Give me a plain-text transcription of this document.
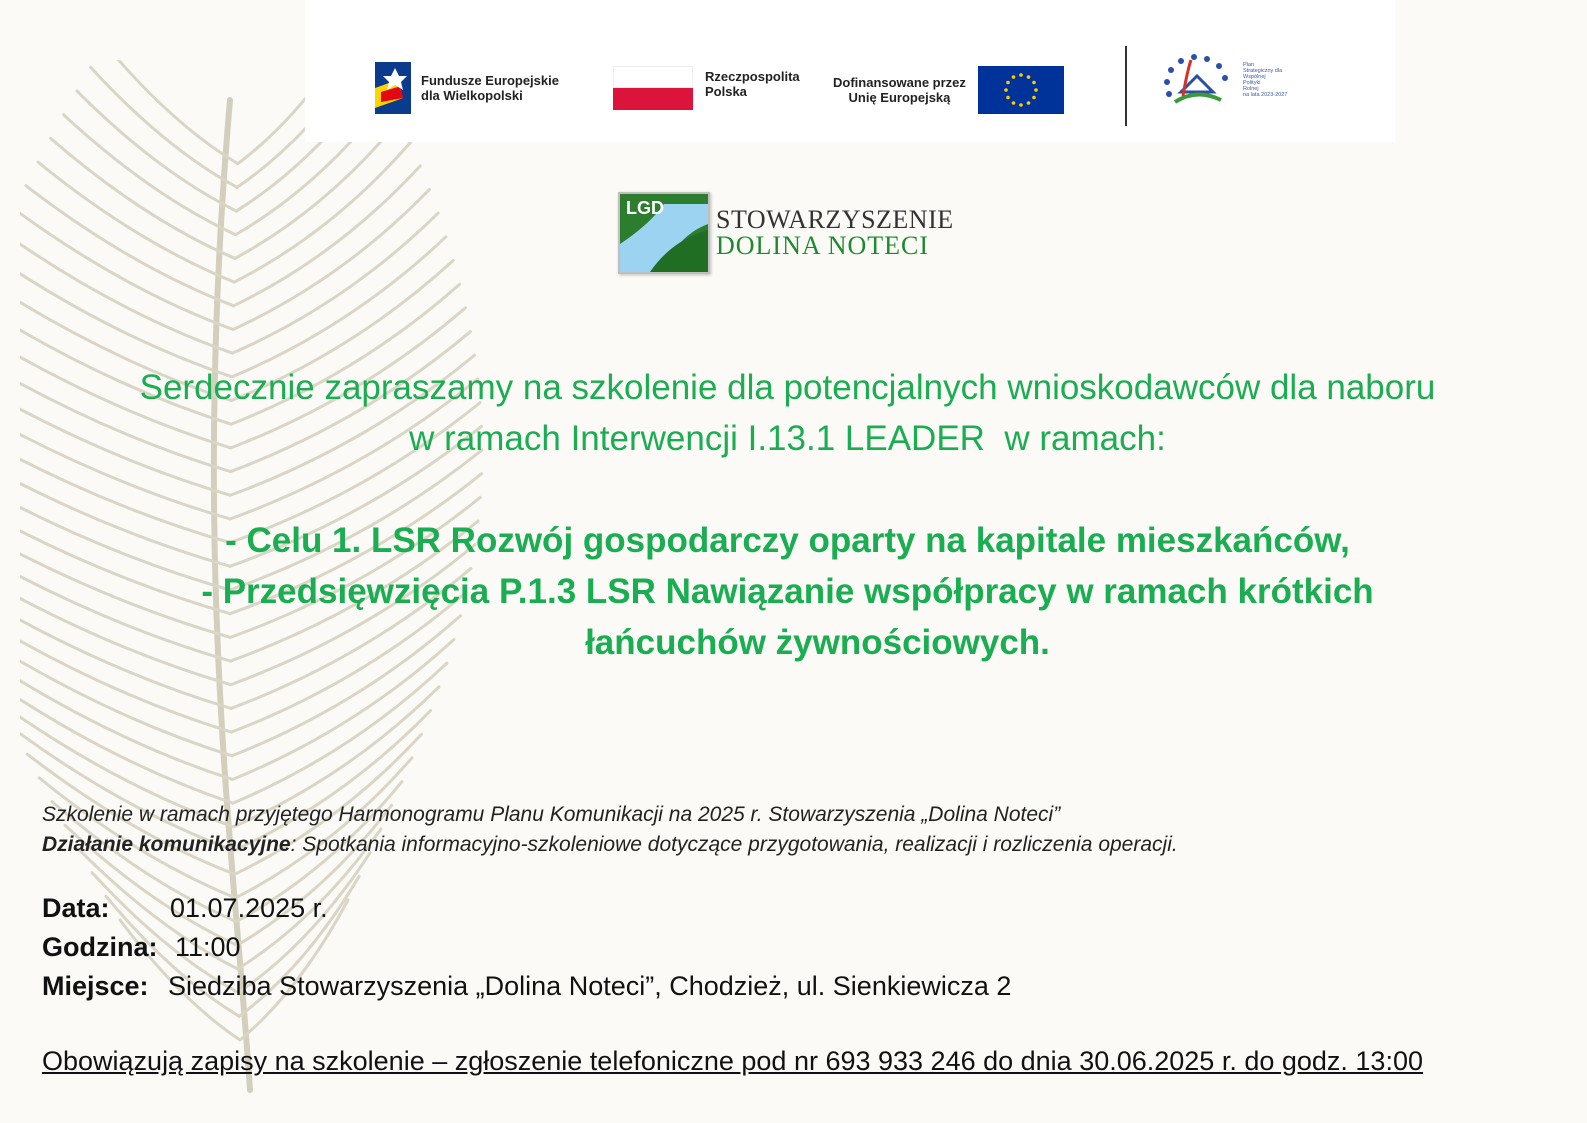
Fundusze Europejskie
dla Wielkopolski
Rzeczpospolita
Polska
Dofinansowane przez
Unię Europejską
Plan
Strategiczny dla
Wspólnej
Polityki
Rolnej
na lata 2023-2027
LGD STOWARZYSZENIE
DOLINA NOTECI
Serdecznie zapraszamy na szkolenie dla potencjalnych wnioskodawców dla naboru
w ramach Interwencji I.13.1 LEADER  w ramach:
- Celu 1. LSR Rozwój gospodarczy oparty na kapitale mieszkańców,
- Przedsięwzięcia P.1.3 LSR Nawiązanie współpracy w ramach krótkich
łańcuchów żywnościowych.
Szkolenie w ramach przyjętego Harmonogramu Planu Komunikacji na 2025 r. Stowarzyszenia „Dolina Noteci”
Działanie komunikacyjne: Spotkania informacyjno-szkoleniowe dotyczące przygotowania, realizacji i rozliczenia operacji.
Data: 01.07.2025 r.
Godzina: 11:00
Miejsce: Siedziba Stowarzyszenia „Dolina Noteci”, Chodzież, ul. Sienkiewicza 2
Obowiązują zapisy na szkolenie – zgłoszenie telefoniczne pod nr 693 933 246 do dnia 30.06.2025 r. do godz. 13:00
